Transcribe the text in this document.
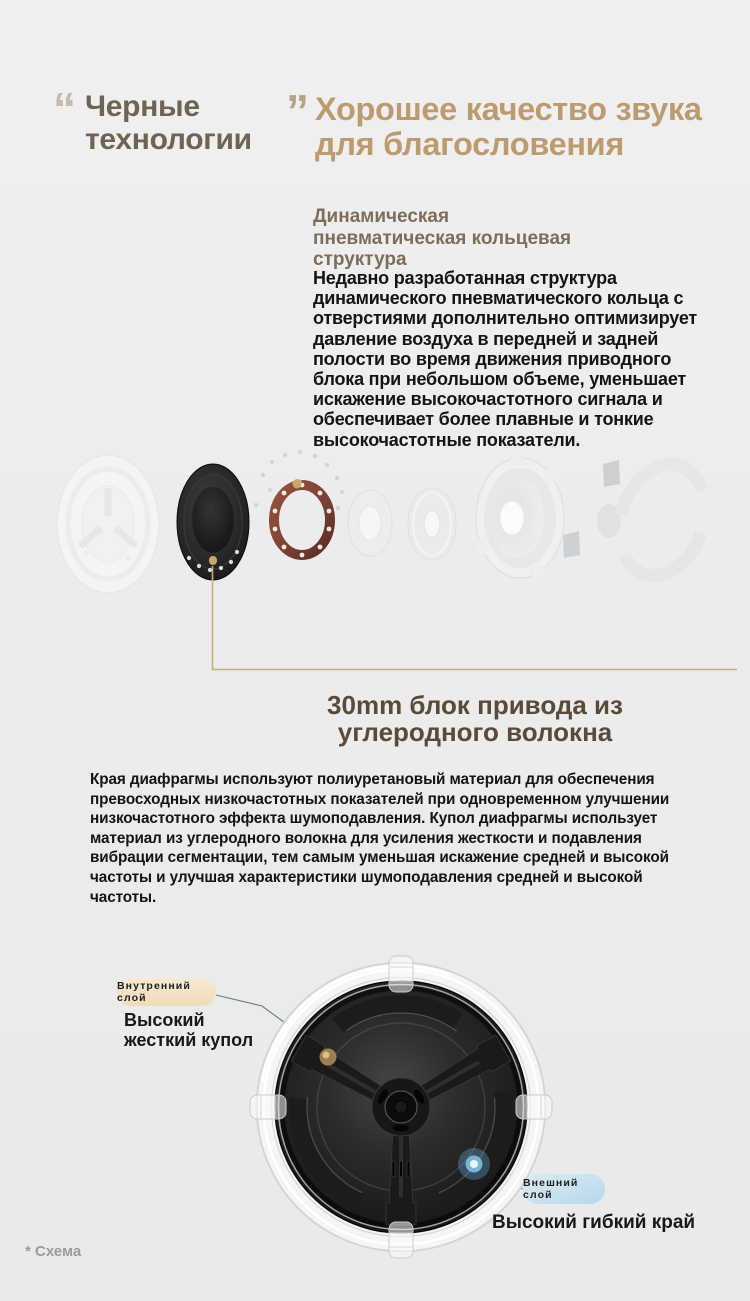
“ Черные технологии
” Хорошее качество звука
для благословения
Динамическая
пневматическая кольцевая
структура
Недавно разработанная структура динамического пневматического кольца с отверстиями дополнительно оптимизирует давление воздуха в передней и задней полости во время движения приводного блока при небольшом объеме, уменьшает искажение высокочастотного сигнала и обеспечивает более плавные и тонкие высокочастотные показатели.
30mm блок привода из
углеродного волокна
Края диафрагмы используют полиуретановый материал для обеспечения превосходных низкочастотных показателей при одновременном улучшении низкочастотного эффекта шумоподавления. Купол диафрагмы использует материал из углеродного волокна для усиления жесткости и подавления вибрации сегментации, тем самым уменьшая искажение средней и высокой частоты и улучшая характеристики шумоподавления средней и высокой частоты.
Внутренний слой
Высокий жесткий купол
Внешний слой
Высокий гибкий край
* Схема
